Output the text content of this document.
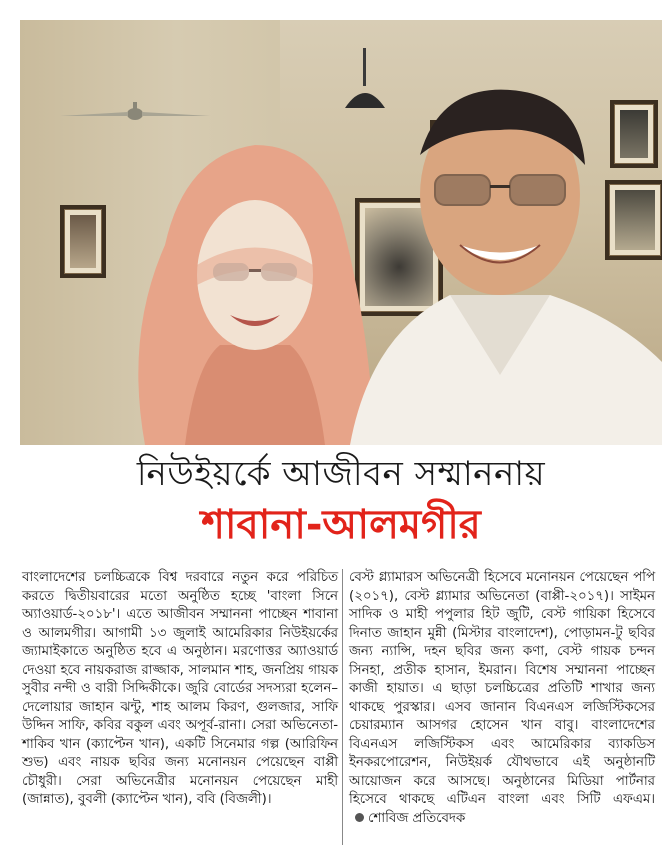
নিউইয়র্কে আজীবন সম্মাননায়
শাবানা-আলমগীর

বাংলাদেশের চলচ্চিত্রকে বিশ্ব দরবারে নতুন করে পরিচিত করতে দ্বিতীয়বারের মতো অনুষ্ঠিত হচ্ছে 'বাংলা সিনে অ্যাওয়ার্ড-২০১৮'। এতে আজীবন সম্মাননা পাচ্ছেন শাবানা ও আলমগীর। আগামী ১৩ জুলাই আমেরিকার নিউইয়র্কের জ্যামাইকাতে অনুষ্ঠিত হবে এ অনুষ্ঠান। মরণোত্তর অ্যাওয়ার্ড দেওয়া হবে নায়করাজ রাজ্জাক, সালমান শাহ, জনপ্রিয় গায়ক সুবীর নন্দী ও বারী সিদ্দিকীকে। জুরি বোর্ডের সদস্যরা হলেন– দেলোয়ার জাহান ঝন্টু, শাহ আলম কিরণ, গুলজার, সাফি উদ্দিন সাফি, কবির বকুল এবং অপূর্ব-রানা। সেরা অভিনেতা- শাকিব খান (ক্যাপ্টেন খান), একটি সিনেমার গল্প (আরিফিন শুভ) এবং নায়ক ছবির জন্য মনোনয়ন পেয়েছেন বাপ্পী চৌধুরী। সেরা অভিনেত্রীর মনোনয়ন পেয়েছেন মাহী (জান্নাত), বুবলী (ক্যাপ্টেন খান), ববি (বিজলী)।

বেস্ট গ্ল্যামারস অভিনেত্রী হিসেবে মনোনয়ন পেয়েছেন পপি (২০১৭), বেস্ট গ্ল্যামার অভিনেতা (বাপ্পী-২০১৭)। সাইমন সাদিক ও মাহী পপুলার হিট জুটি, বেস্ট গায়িকা হিসেবে দিনাত জাহান মুন্নী (মিস্টার বাংলাদেশ), পোড়ামন-টু ছবির জন্য ন্যান্সি, দহন ছবির জন্য কণা, বেস্ট গায়ক চন্দন সিনহা, প্রতীক হাসান, ইমরান। বিশেষ সম্মাননা পাচ্ছেন কাজী হায়াত। এ ছাড়া চলচ্চিত্রের প্রতিটি শাখার জন্য থাকছে পুরস্কার। এসব জানান বিএনএস লজিস্টিকসের চেয়ারম্যান আসগর হোসেন খান বাবু। বাংলাদেশের বিএনএস লজিস্টিকস এবং আমেরিকার ব্যাকডিস ইনকরপোরেশন, নিউইয়র্ক যৌথভাবে এই অনুষ্ঠানটি আয়োজন করে আসছে। অনুষ্ঠানের মিডিয়া পার্টনার হিসেবে থাকছে এটিএন বাংলা এবং সিটি এফএম।শোবিজ প্রতিবেদক
